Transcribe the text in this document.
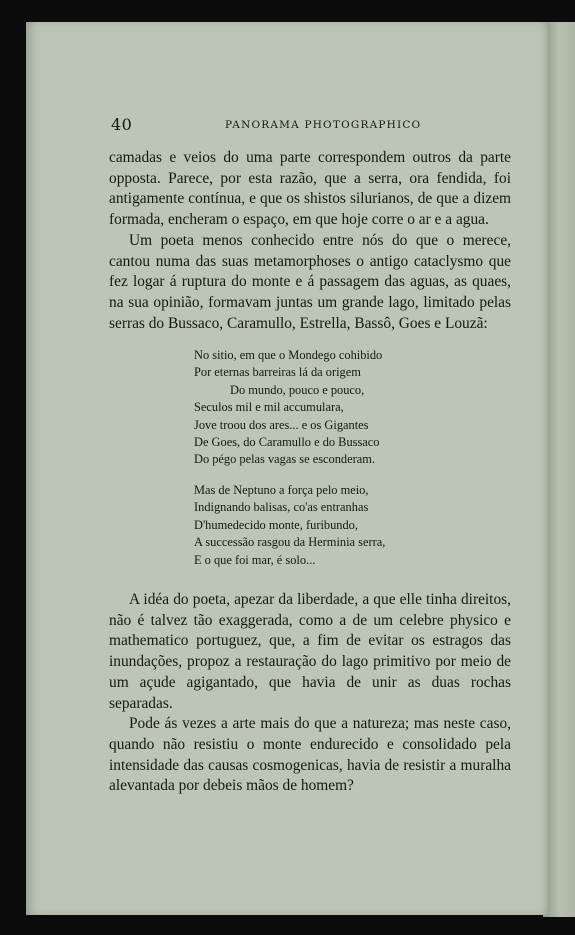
40	PANORAMA PHOTOGRAPHICO

camadas e veios do uma parte correspondem outros da parte opposta. Parece, por esta razão, que a serra, ora fendida, foi antigamente contínua, e que os shistos silurianos, de que a dizem formada, encheram o espaço, em que hoje corre o ar e a agua.

Um poeta menos conhecido entre nós do que o merece, cantou numa das suas metamorphoses o antigo cataclysmo que fez logar á ruptura do monte e á passagem das aguas, as quaes, na sua opinião, formavam juntas um grande lago, limitado pelas serras do Bussaco, Caramullo, Estrella, Bassô, Goes e Louzã:

No sitio, em que o Mondego cohibido
Por eternas barreiras lá da origem
Do mundo, pouco e pouco,
Seculos mil e mil accumulara,
Jove troou dos ares... e os Gigantes
De Goes, do Caramullo e do Bussaco
Do pégo pelas vagas se esconderam.
Mas de Neptuno a força pelo meio,
Indignando balisas, co'as entranhas
D'humedecido monte, furibundo,
A successão rasgou da Herminia serra,
E o que foi mar, é solo...

A idéa do poeta, apezar da liberdade, a que elle tinha direitos, não é talvez tão exaggerada, como a de um celebre physico e mathematico portuguez, que, a fim de evitar os estragos das inundações, propoz a restauração do lago primitivo por meio de um açude agigantado, que havia de unir as duas rochas separadas.

Pode ás vezes a arte mais do que a natureza; mas neste caso, quando não resistiu o monte endurecido e consolidado pela intensidade das causas cosmogenicas, havia de resistir a muralha alevantada por debeis mãos de homem?
